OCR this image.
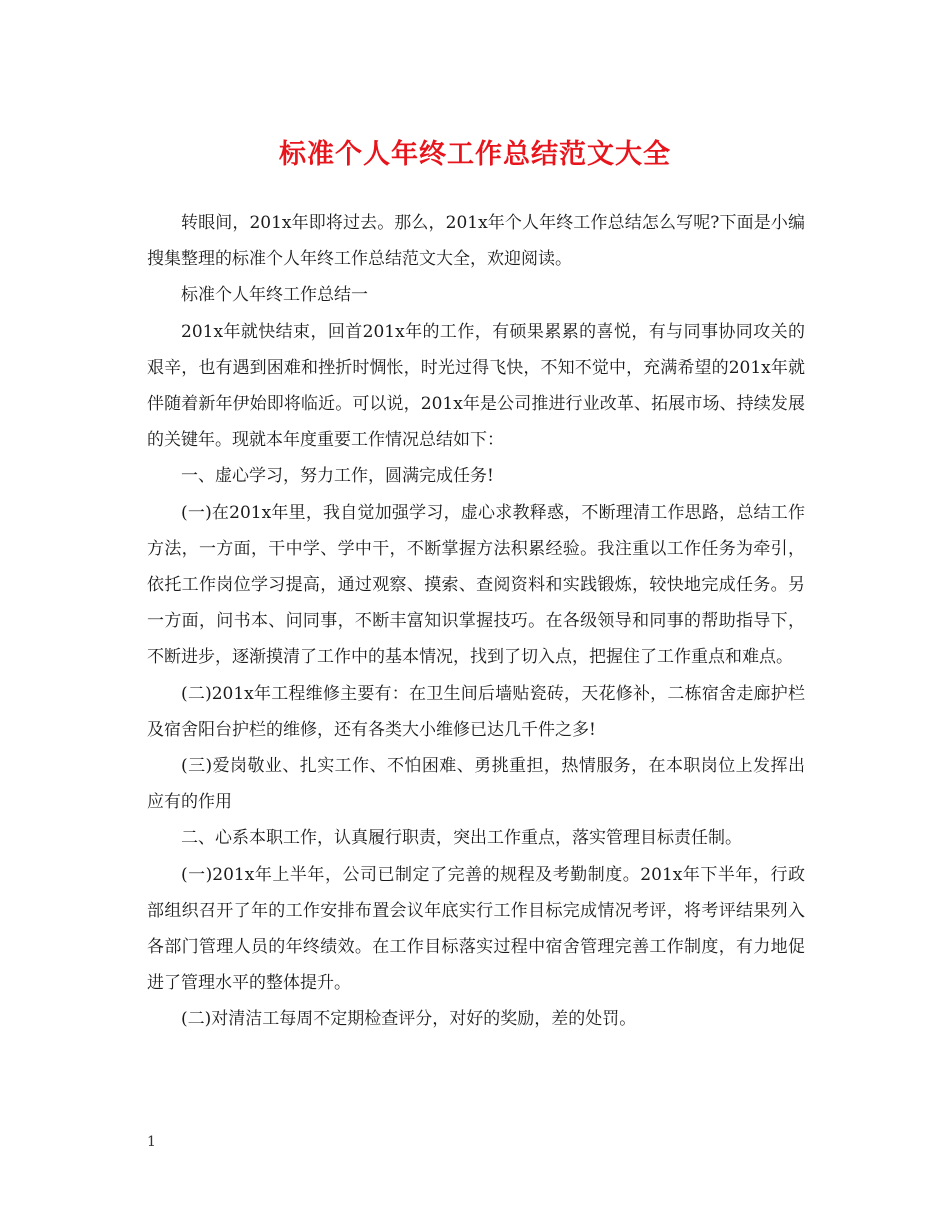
标准个人年终工作总结范文大全

转眼间，201x年即将过去。那么，201x年个人年终工作总结怎么写呢?下面是小编搜集整理的标准个人年终工作总结范文大全，欢迎阅读。

标准个人年终工作总结一

201x年就快结束，回首201x年的工作，有硕果累累的喜悦，有与同事协同攻关的艰辛，也有遇到困难和挫折时惆怅，时光过得飞快，不知不觉中，充满希望的201x年就伴随着新年伊始即将临近。可以说，201x年是公司推进行业改革、拓展市场、持续发展的关键年。现就本年度重要工作情况总结如下：

一、虚心学习，努力工作，圆满完成任务!

(一)在201x年里，我自觉加强学习，虚心求教释惑，不断理清工作思路，总结工作方法，一方面，干中学、学中干，不断掌握方法积累经验。我注重以工作任务为牵引，依托工作岗位学习提高，通过观察、摸索、查阅资料和实践锻炼，较快地完成任务。另一方面，问书本、问同事，不断丰富知识掌握技巧。在各级领导和同事的帮助指导下，不断进步，逐渐摸清了工作中的基本情况，找到了切入点，把握住了工作重点和难点。

(二)201x年工程维修主要有：在卫生间后墙贴瓷砖，天花修补，二栋宿舍走廊护栏及宿舍阳台护栏的维修，还有各类大小维修已达几千件之多!

(三)爱岗敬业、扎实工作、不怕困难、勇挑重担，热情服务，在本职岗位上发挥出应有的作用

二、心系本职工作，认真履行职责，突出工作重点，落实管理目标责任制。

(一)201x年上半年，公司已制定了完善的规程及考勤制度。201x年下半年，行政部组织召开了年的工作安排布置会议年底实行工作目标完成情况考评，将考评结果列入各部门管理人员的年终绩效。在工作目标落实过程中宿舍管理完善工作制度，有力地促进了管理水平的整体提升。

(二)对清洁工每周不定期检查评分，对好的奖励，差的处罚。

1
